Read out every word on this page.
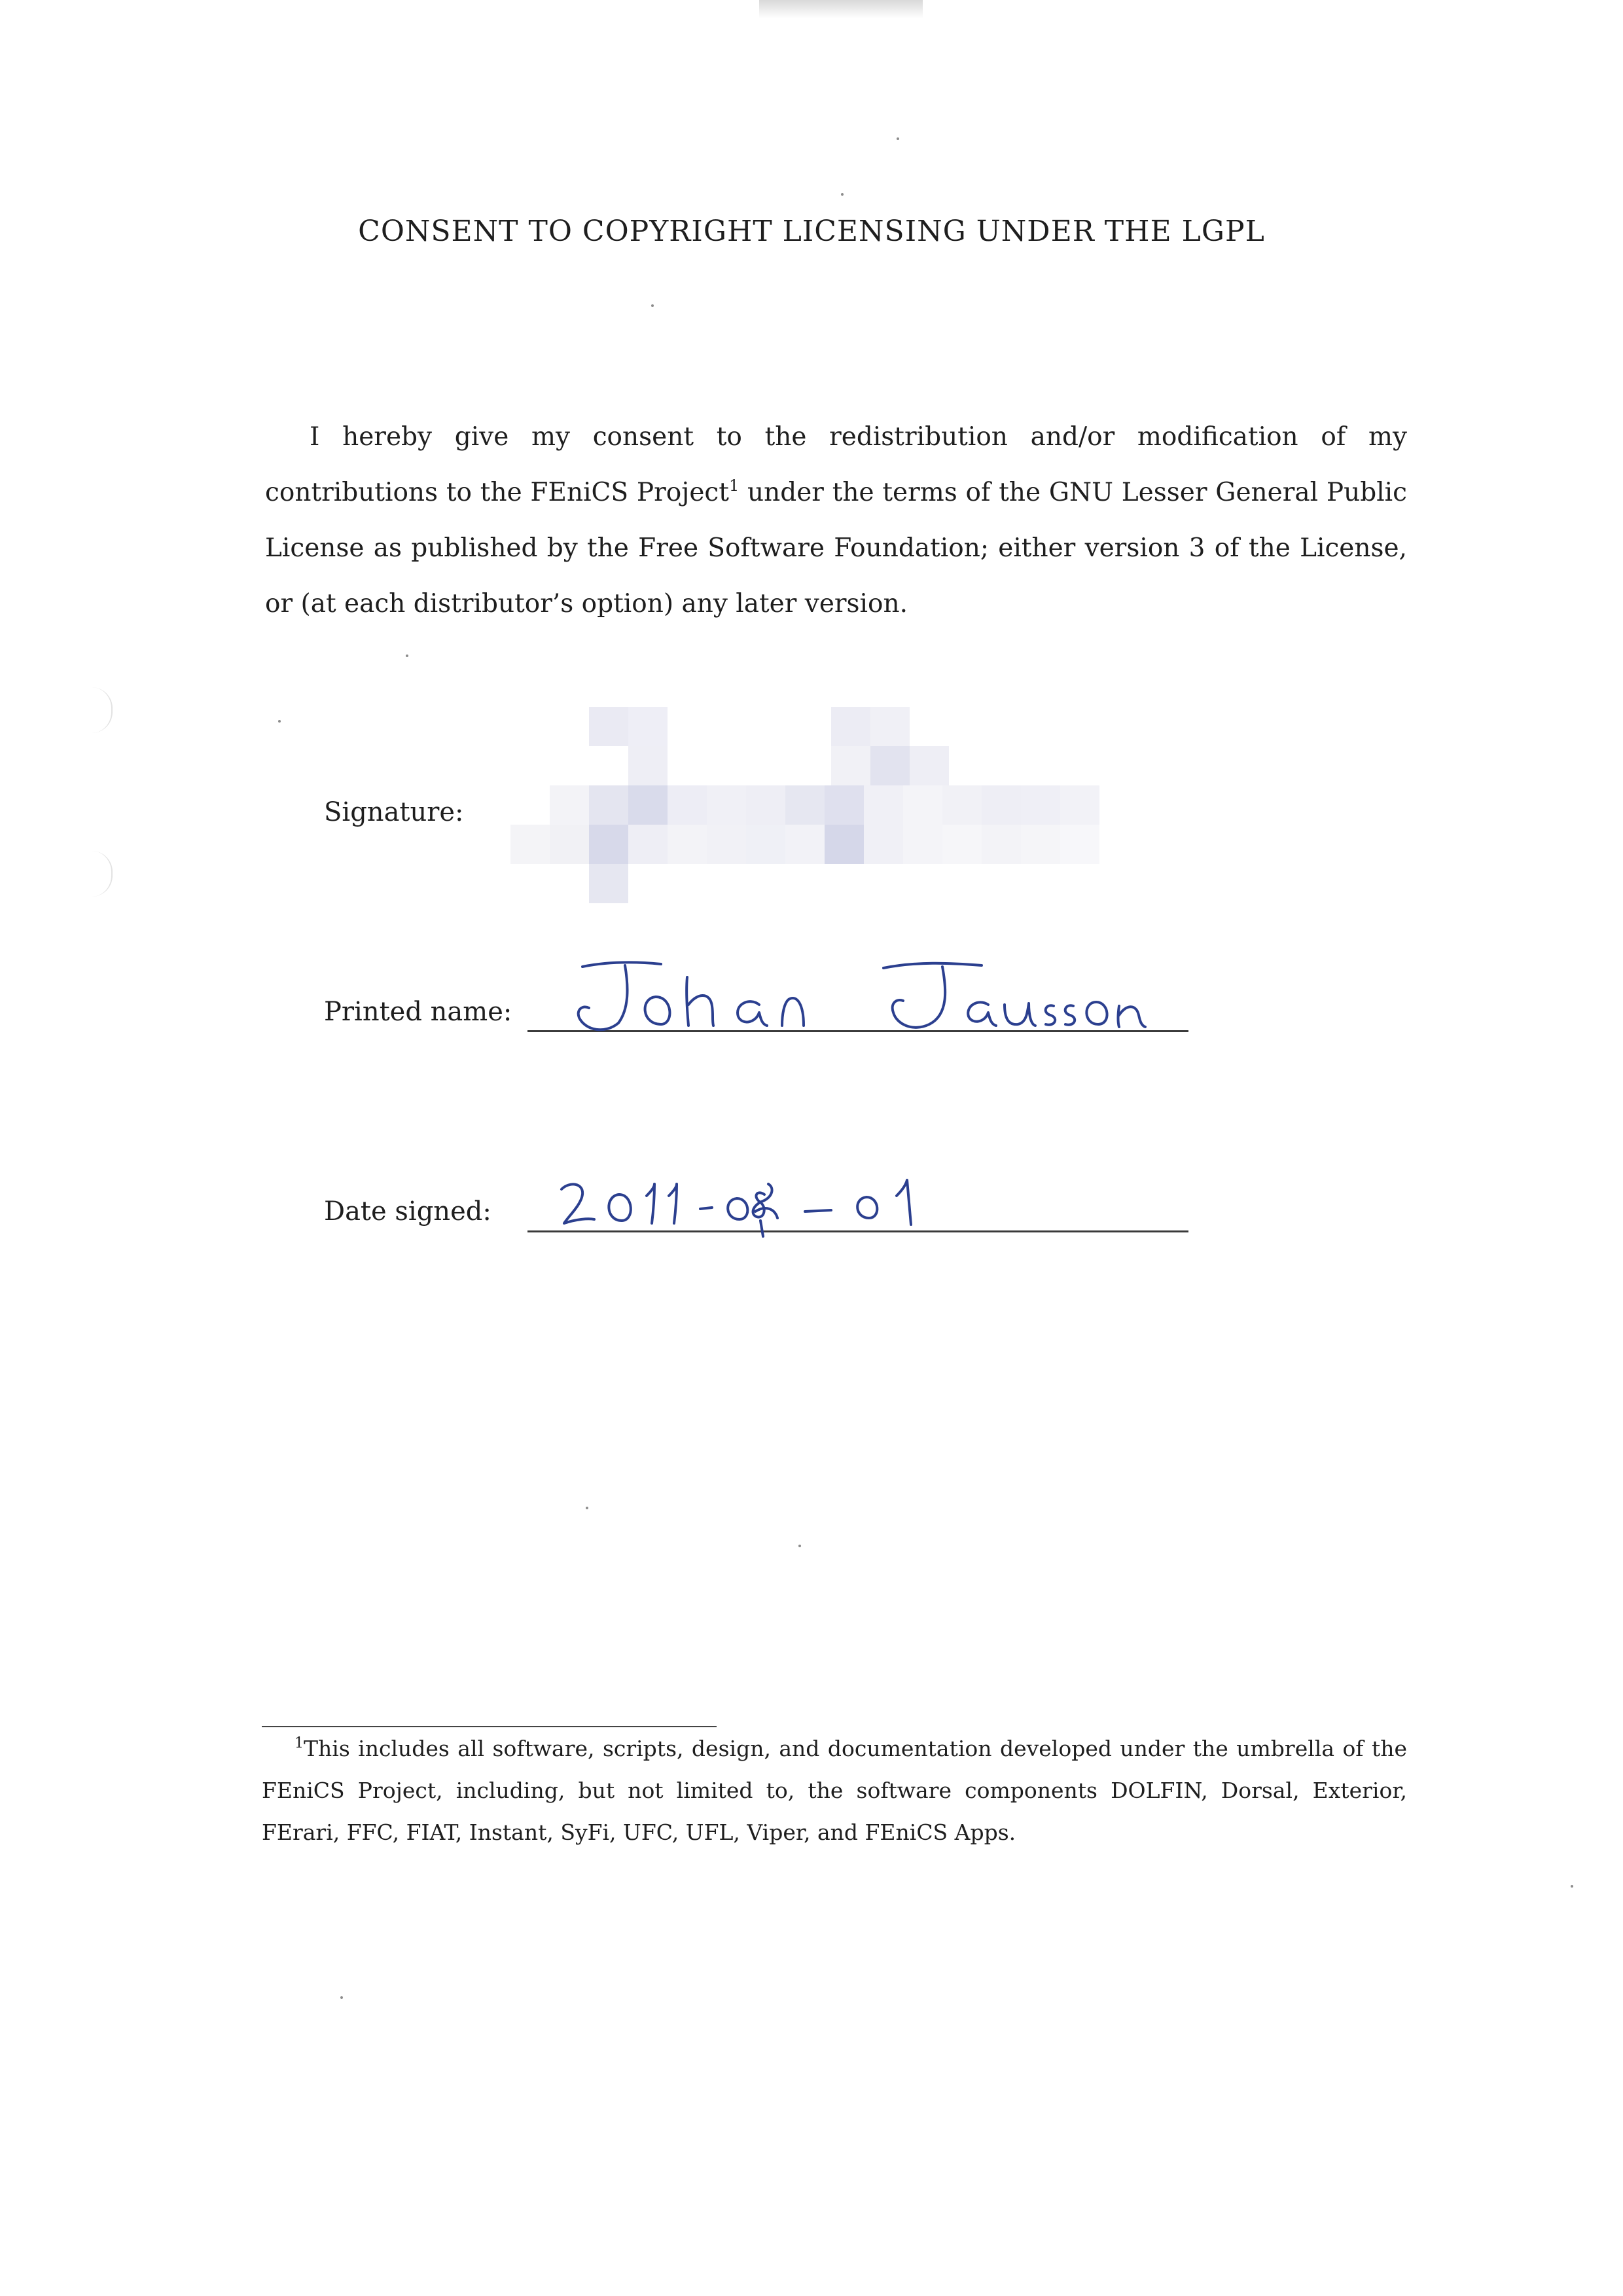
CONSENT TO COPYRIGHT LICENSING UNDER THE LGPL

I hereby give my consent to the redistribution and/or modification of my contributions to the FEniCS Project$^1$ under the terms of the GNU Lesser General Public License as published by the Free Software Foundation; either version 3 of the License, or (at each distributor’s option) any later version.

Signature:
Printed name:
Date signed:

$^1$This includes all software, scripts, design, and documentation developed under the umbrella of the FEniCS Project, including, but not limited to, the software components DOLFIN, Dorsal, Exterior, FErari, FFC, FIAT, Instant, SyFi, UFC, UFL, Viper, and FEniCS Apps.
